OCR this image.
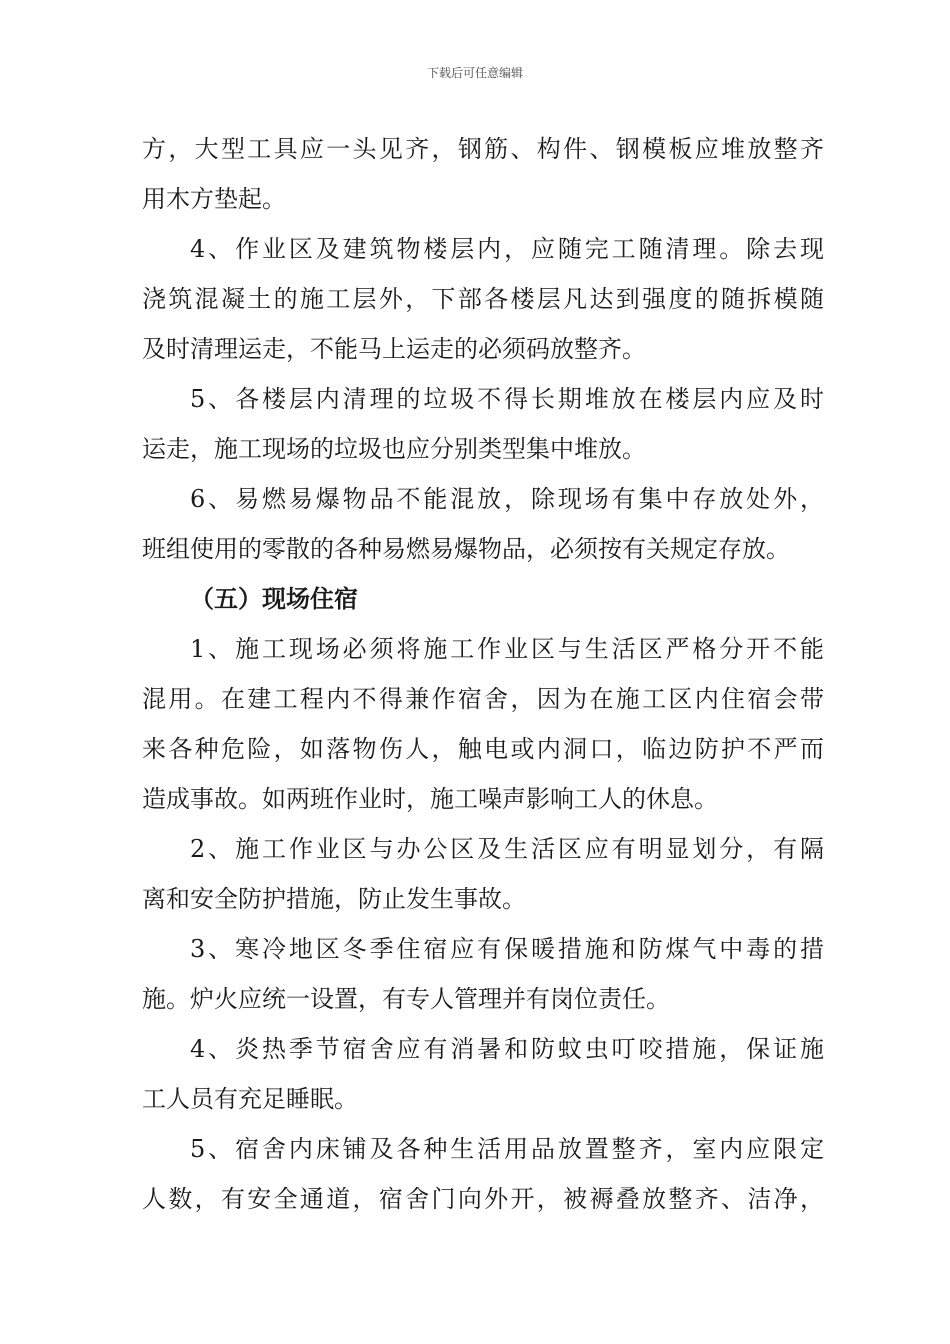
下载后可任意编辑
方，大型工具应一头见齐，钢筋、构件、钢模板应堆放整齐
用木方垫起。
4、作业区及建筑物楼层内，应随完工随清理。除去现
浇筑混凝土的施工层外，下部各楼层凡达到强度的随拆模随
及时清理运走，不能马上运走的必须码放整齐。
5、各楼层内清理的垃圾不得长期堆放在楼层内应及时
运走，施工现场的垃圾也应分别类型集中堆放。
6、易燃易爆物品不能混放，除现场有集中存放处外，
班组使用的零散的各种易燃易爆物品，必须按有关规定存放。
（五）现场住宿
1、施工现场必须将施工作业区与生活区严格分开不能
混用。在建工程内不得兼作宿舍，因为在施工区内住宿会带
来各种危险，如落物伤人，触电或内洞口，临边防护不严而
造成事故。如两班作业时，施工噪声影响工人的休息。
2、施工作业区与办公区及生活区应有明显划分，有隔
离和安全防护措施，防止发生事故。
3、寒冷地区冬季住宿应有保暖措施和防煤气中毒的措
施。炉火应统一设置，有专人管理并有岗位责任。
4、炎热季节宿舍应有消暑和防蚊虫叮咬措施，保证施
工人员有充足睡眠。
5、宿舍内床铺及各种生活用品放置整齐，室内应限定
人数，有安全通道，宿舍门向外开，被褥叠放整齐、洁净，
